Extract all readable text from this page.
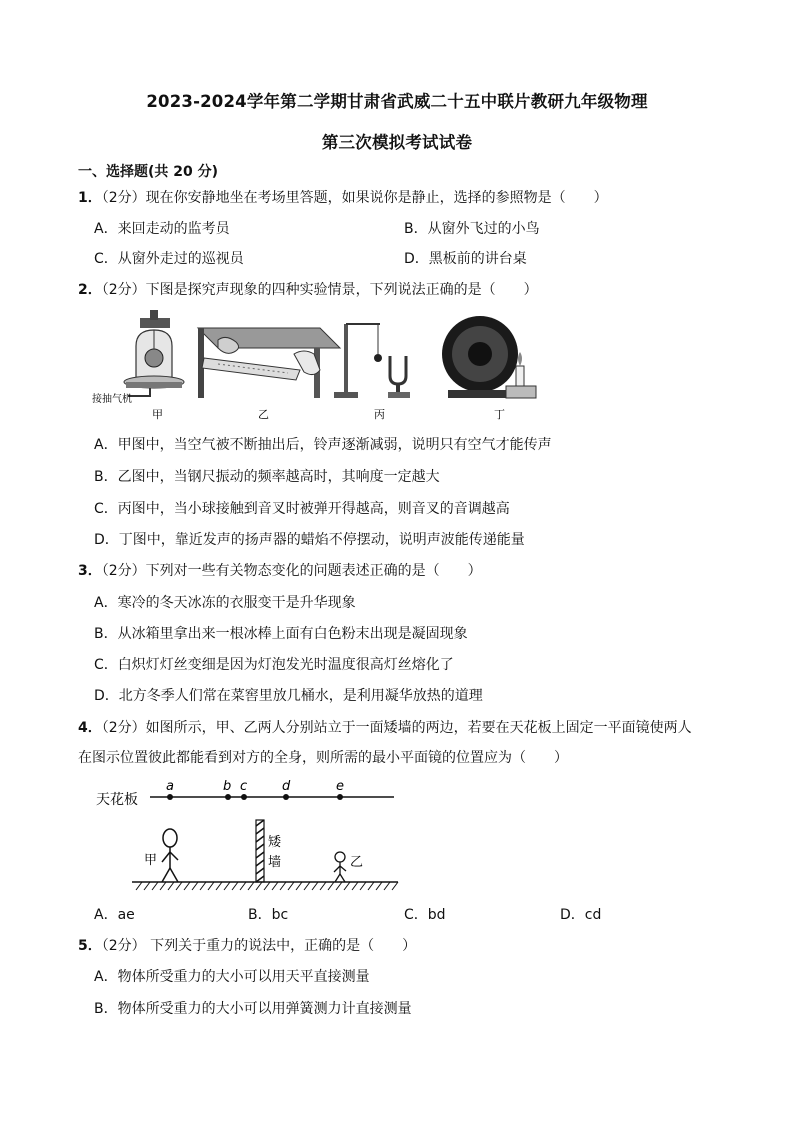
2023-2024学年第二学期甘肃省武威二十五中联片教研九年级物理
第三次模拟考试试卷
一、选择题(共 20 分)
1．（2分）现在你安静地坐在考场里答题，如果说你是静止，选择的参照物是（　　）
A．来回走动的监考员	B．从窗外飞过的小鸟
C．从窗外走过的巡视员	D．黑板前的讲台桌
2．（2分）下图是探究声现象的四种实验情景，下列说法正确的是（　　）
接抽气机
甲	乙	丙	丁
A．甲图中，当空气被不断抽出后，铃声逐渐减弱，说明只有空气才能传声
B．乙图中，当钢尺振动的频率越高时，其响度一定越大
C．丙图中，当小球接触到音叉时被弹开得越高，则音叉的音调越高
D．丁图中，靠近发声的扬声器的蜡焰不停摆动，说明声波能传递能量
3．（2分）下列对一些有关物态变化的问题表述正确的是（　　）
A．寒冷的冬天冰冻的衣服变干是升华现象
B．从冰箱里拿出来一根冰棒上面有白色粉末出现是凝固现象
C．白炽灯灯丝变细是因为灯泡发光时温度很高灯丝熔化了
D．北方冬季人们常在菜窖里放几桶水，是利用凝华放热的道理
4．（2分）如图所示，甲、乙两人分别站立于一面矮墙的两边，若要在天花板上固定一平面镜使两人
在图示位置彼此都能看到对方的全身，则所需的最小平面镜的位置应为（　　）
天花板
a	b c	d	e
甲
矮
墙	乙
A．ae	B．bc	C．bd	D．cd
5．（2分） 下列关于重力的说法中，正确的是（　　）
A．物体所受重力的大小可以用天平直接测量
B．物体所受重力的大小可以用弹簧测力计直接测量
